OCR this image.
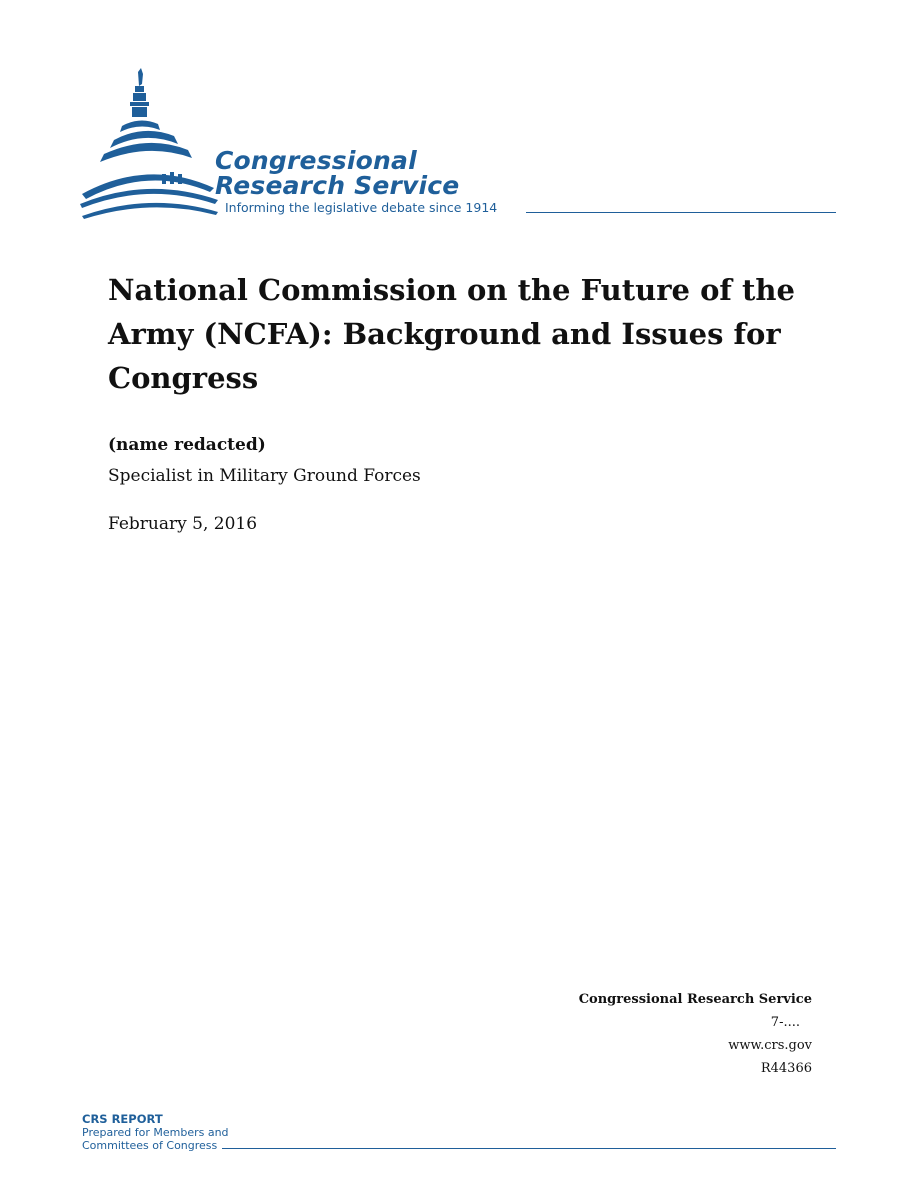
Congressional
Research Service
Informing the legislative debate since 1914
National Commission on the Future of the Army (NCFA): Background and Issues for Congress
(name redacted)
Specialist in Military Ground Forces
February 5, 2016
Congressional Research Service
7-....
www.crs.gov
R44366
CRS REPORT
Prepared for Members and
Committees of Congress
